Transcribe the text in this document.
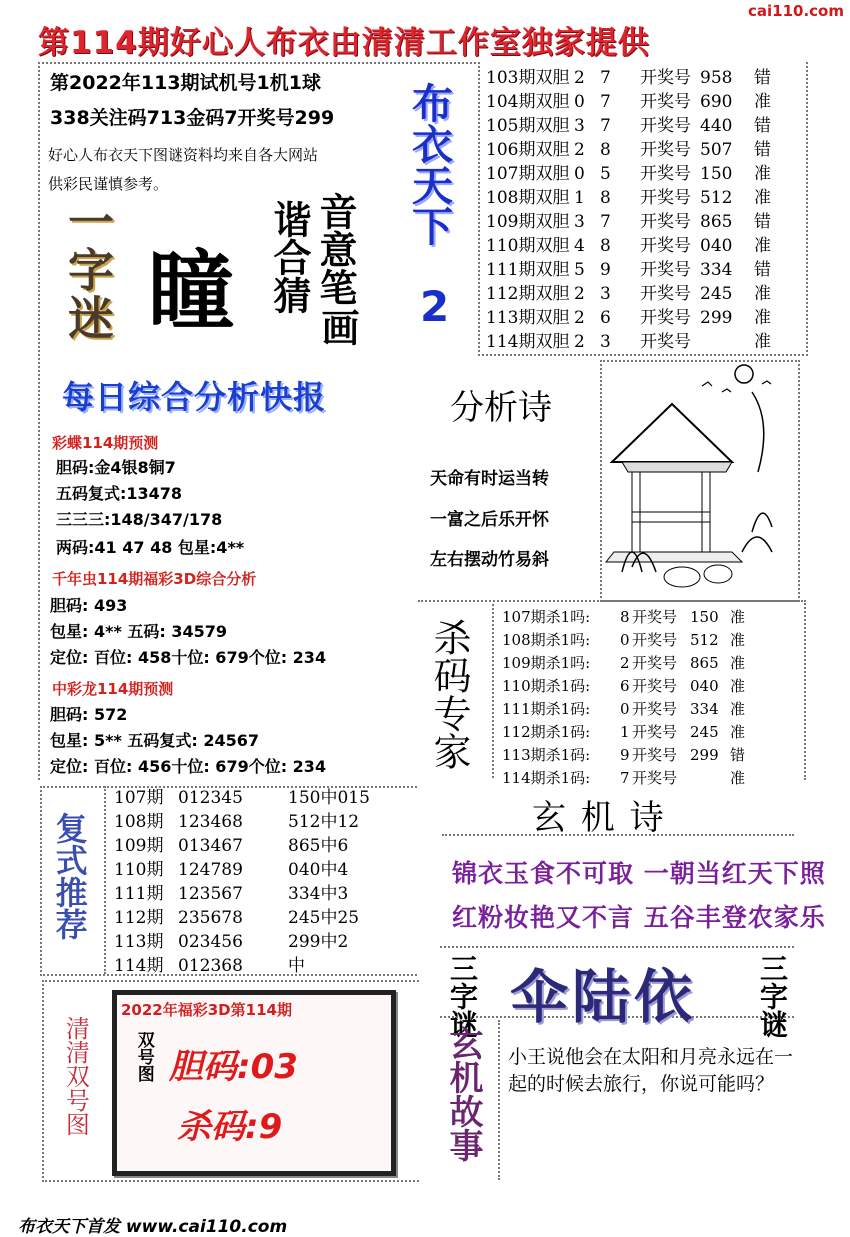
cai110.com
第114期好心人布衣由清清工作室独家提供
第2022年113期试机号1机1球
338关注码713金码7开奖号299
好心人布衣天下图谜资料均来自各大网站
供彩民谨慎参考。
一字迷 瞳 谐合猜 音意笔
画
布衣天下
2
103期双胆 2 7 开奖号 958 错
104期双胆 0 7 开奖号 690 准
105期双胆 3 7 开奖号 440 错
106期双胆 2 8 开奖号 507 错
107期双胆 0 5 开奖号 150 准
108期双胆 1 8 开奖号 512 准
109期双胆 3 7 开奖号 865 错
110期双胆 4 8 开奖号 040 准
111期双胆 5 9 开奖号 334 错
112期双胆 2 3 开奖号 245 准
113期双胆 2 6 开奖号 299 准
114期双胆 2 3 开奖号	准
每日综合分析快报
彩蝶114期预测
胆码:金4银8铜7
五码复式:13478
三三三:148/347/178
两码:41 47 48 包星:4**
千年虫114期福彩3D综合分析
胆码: 493
包星: 4** 五码: 34579
定位: 百位: 458十位: 679个位: 234
中彩龙114期预测
胆码: 572
包星: 5** 五码复式: 24567
定位: 百位: 456十位: 679个位: 234
分析诗
天命有时运当转
一富之后乐开怀
左右摆动竹易斜
杀码专家
107期杀1吗: 8 开奖号 150 准
108期杀1吗: 0 开奖号 512 准
109期杀1吗: 2 开奖号 865 准
110期杀1码: 6 开奖号 040 准
111期杀1码: 0 开奖号 334 准
112期杀1码: 1 开奖号 245 准
113期杀1码: 9 开奖号 299 错
114期杀1码: 7 开奖号	准
复式推荐
107期 012345	150中015
108期 123468	512中12
109期 013467	865中6
110期 124789	040中4
111期 123567	334中3
112期 235678	245中25
113期 023456	299中2
114期 012368	中
玄 机 诗
锦衣玉食不可取 一朝当红天下照
红粉妆艳又不言 五谷丰登农家乐
三字谜 伞陆依 三字谜
玄机故事 小王说他会在太阳和月亮永远在一起的时候去旅行，你说可能吗？
清清双号图
2022年福彩3D第114期
双号图 胆码:03
杀码:9
布衣天下首发 www.cai110.com
